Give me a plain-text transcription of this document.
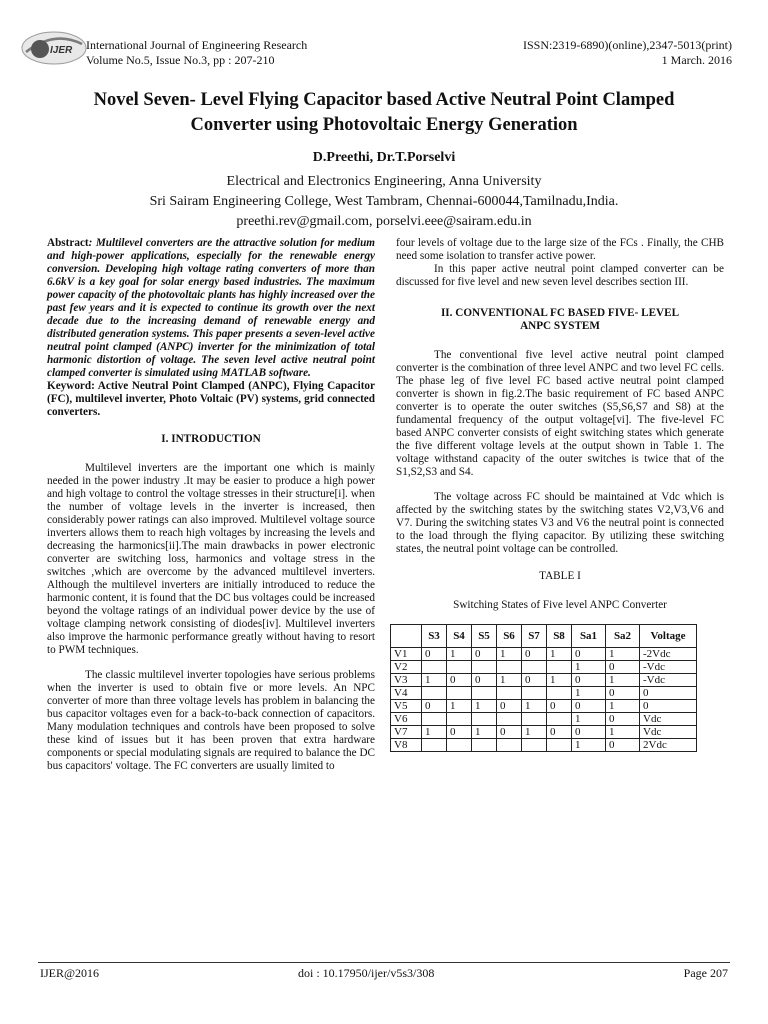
IJER International Journal of Engineering Research
Volume No.5, Issue No.3, pp : 207-210
ISSN:2319-6890)(online),2347-5013(print)
1 March. 2016
Novel Seven- Level Flying Capacitor based Active Neutral Point Clamped
Converter using Photovoltaic Energy Generation
D.Preethi, Dr.T.Porselvi
Electrical and Electronics Engineering, Anna University
Sri Sairam Engineering College, West Tambram, Chennai-600044,Tamilnadu,India.
preethi.rev@gmail.com, porselvi.eee@sairam.edu.in

Abstract: Multilevel converters are the attractive solution for medium and high-power applications, especially for the renewable energy conversion. Developing high voltage rating converters of more than 6.6kV is a key goal for solar energy based industries. The maximum power capacity of the photovoltaic plants has highly increased over the past few years and it is expected to continue its growth over the next decade due to the increasing demand of renewable energy and distributed generation systems. This paper presents a seven-level active neutral point clamped (ANPC) inverter for the minimization of total harmonic distortion of voltage. The seven level active neutral point clamped converter is simulated using MATLAB software.

Keyword: Active Neutral Point Clamped (ANPC), Flying Capacitor (FC), multilevel inverter, Photo Voltaic (PV) systems, grid connected converters.

I. INTRODUCTION

Multilevel inverters are the important one which is mainly needed in the power industry .It may be easier to produce a high power and high voltage to control the voltage stresses in their structure[i]. when the number of voltage levels in the inverter is increased, then considerably power ratings can also improved. Multilevel voltage source inverters allows them to reach high voltages by increasing the levels and decreasing the harmonics[ii].The main drawbacks in power electronic converter are switching loss, harmonics and voltage stress in the switches ,which are overcome by the advanced multilevel inverters. Although the multilevel inverters are initially introduced to reduce the harmonic content, it is found that the DC bus voltages could be increased beyond the voltage ratings of an individual power device by the use of voltage clamping network consisting of diodes[iv]. Multilevel inverters also improve the harmonic performance greatly without having to resort to PWM techniques.

The classic multilevel inverter topologies have serious problems when the inverter is used to obtain five or more levels. An NPC converter of more than three voltage levels has problem in balancing the bus capacitor voltages even for a back-to-back connection of capacitors. Many modulation techniques and controls have been proposed to solve these kind of issues but it has been proven that extra hardware components or special modulating signals are required to balance the DC bus capacitors' voltage. The FC converters are usually limited to

four levels of voltage due to the large size of the FCs . Finally, the CHB need some isolation to transfer active power.

In this paper active neutral point clamped converter can be discussed for five level and new seven level describes section III.

II. CONVENTIONAL FC BASED FIVE- LEVEL
ANPC SYSTEM

The conventional five level active neutral point clamped converter is the combination of three level ANPC and two level FC cells. The phase leg of five level FC based active neutral point clamped converter is shown in fig.2.The basic requirement of FC based ANPC converter is to operate the outer switches (S5,S6,S7 and S8) at the fundamental frequency of the output voltage[vi]. The five-level FC based ANPC converter consists of eight switching states which generate the five different voltage levels at the output shown in Table 1. The voltage withstand capacity of the outer switches is twice that of the S1,S2,S3 and S4.

The voltage across FC should be maintained at Vdc which is affected by the switching states by the switching states V2,V3,V6 and V7. During the switching states V3 and V6 the neutral point is connected to the load through the flying capacitor. By utilizing these switching states, the neutral point voltage can be controlled.

TABLE I
Switching States of Five level ANPC Converter
	S3	S4	S5	S6	S7	S8	Sa1	Sa2	Voltage
V1	0	1	0	1	0	1	0	1	-2Vdc
V2							1	0	-Vdc
V3	1	0	0	1	0	1	0	1	-Vdc
V4							1	0	0
V5	0	1	1	0	1	0	0	1	0
V6							1	0	Vdc
V7	1	0	1	0	1	0	0	1	Vdc
V8							1	0	2Vdc
IJER@2016	doi : 10.17950/ijer/v5s3/308	Page 207
